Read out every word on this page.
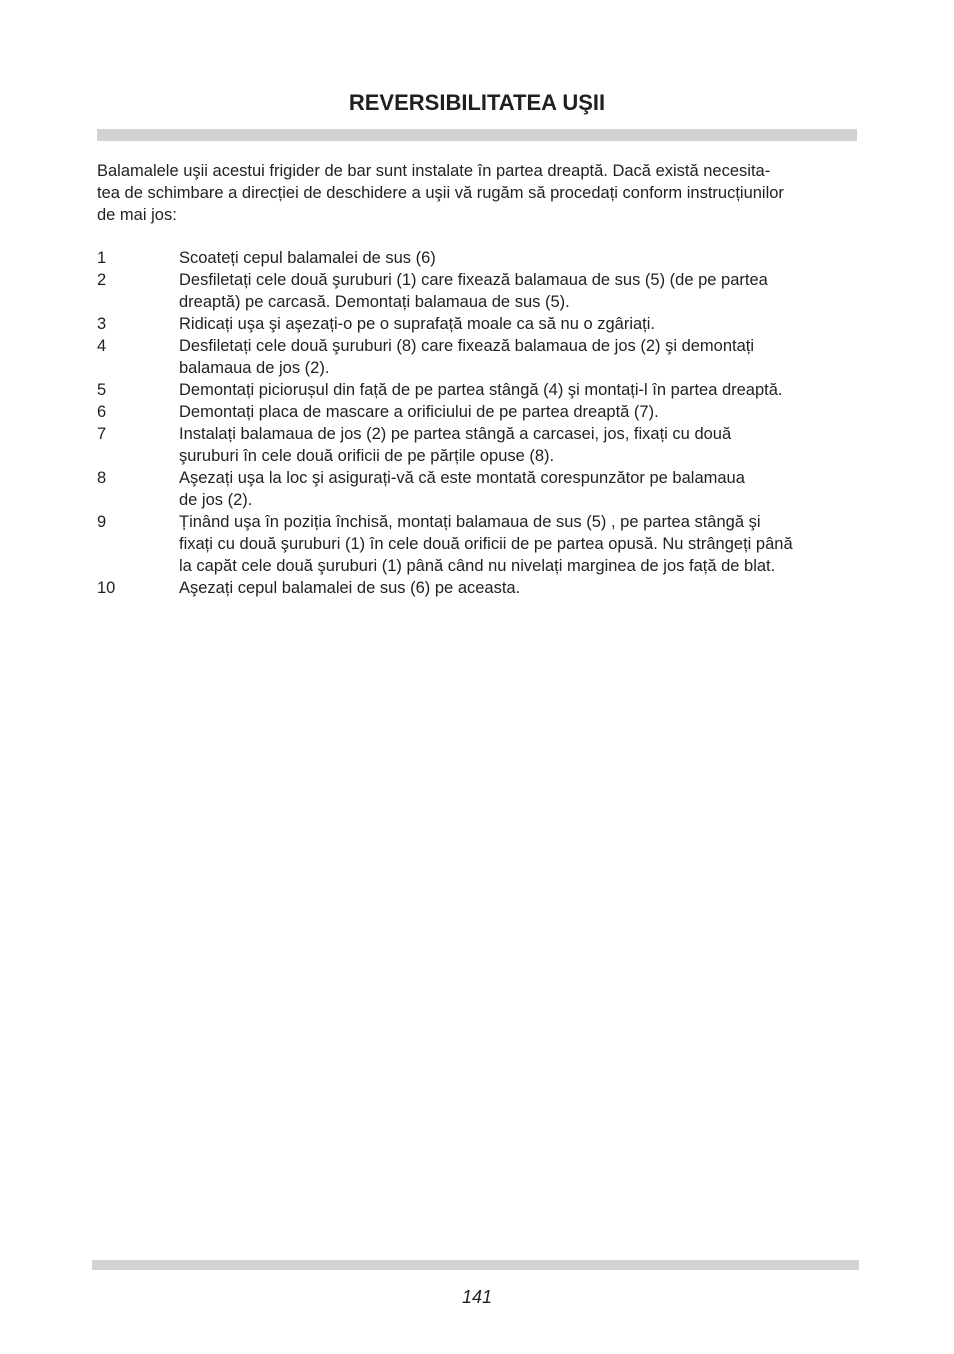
REVERSIBILITATEA UŞII

Balamalele uşii acestui frigider de bar sunt instalate în partea dreaptă. Dacă există necesita-
tea de schimbare a direcției de deschidere a uşii vă rugăm să procedați conform instrucțiunilor
de mai jos:

1	Scoateți cepul balamalei de sus (6)
2	Desfiletați cele două şuruburi (1) care fixează balamaua de sus (5) (de pe partea
dreaptă) pe carcasă. Demontați balamaua de sus (5).
3	Ridicați uşa şi aşezați-o pe o suprafață moale ca să nu o zgâriați.
4	Desfiletați cele două şuruburi (8) care fixează balamaua de jos (2) şi demontați
balamaua de jos (2).
5	Demontați piciorușul din față de pe partea stângă (4) şi montați-l în partea dreaptă.
6	Demontați placa de mascare a orificiului de pe partea dreaptă (7).
7	Instalați balamaua de jos (2) pe partea stângă a carcasei, jos, fixați cu două
şuruburi în cele două orificii de pe părțile opuse (8).
8	Aşezați uşa la loc şi asigurați-vă că este montată corespunzător pe balamaua
de jos (2).
9	Ținând uşa în poziția închisă, montați balamaua de sus (5) , pe partea stângă şi
fixați cu două şuruburi (1) în cele două orificii de pe partea opusă. Nu strângeți până
la capăt cele două şuruburi (1) până când nu nivelați marginea de jos față de blat.
10	Aşezați cepul balamalei de sus (6) pe aceasta.
141
